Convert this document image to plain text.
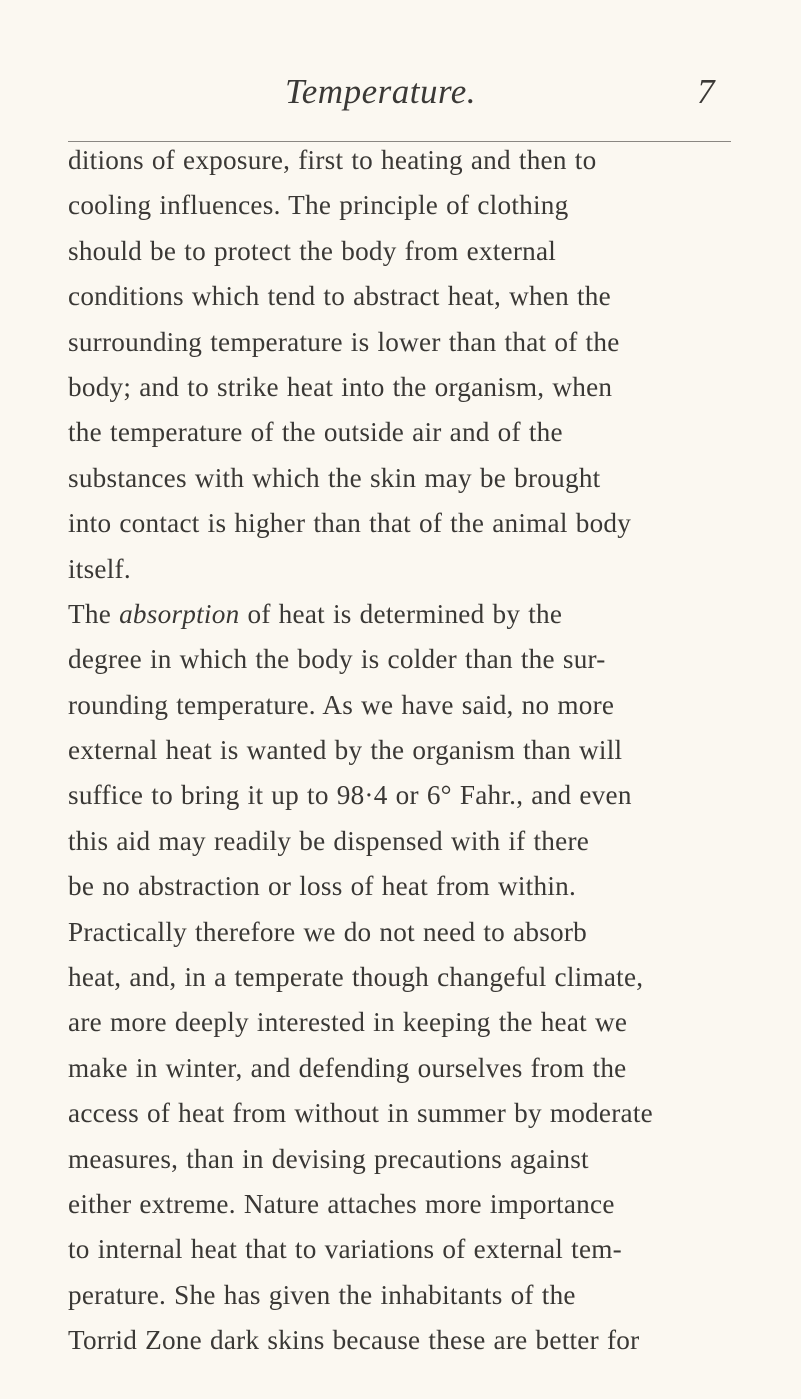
Temperature.	7
ditions of exposure, first to heating and then to
cooling influences. The principle of clothing
should be to protect the body from external
conditions which tend to abstract heat, when the
surrounding temperature is lower than that of the
body; and to strike heat into the organism, when
the temperature of the outside air and of the
substances with which the skin may be brought
into contact is higher than that of the animal body
itself.
The absorption of heat is determined by the
degree in which the body is colder than the sur-
rounding temperature. As we have said, no more
external heat is wanted by the organism than will
suffice to bring it up to 98·4 or 6° Fahr., and even
this aid may readily be dispensed with if there
be no abstraction or loss of heat from within.
Practically therefore we do not need to absorb
heat, and, in a temperate though changeful climate,
are more deeply interested in keeping the heat we
make in winter, and defending ourselves from the
access of heat from without in summer by moderate
measures, than in devising precautions against
either extreme. Nature attaches more importance
to internal heat that to variations of external tem-
perature. She has given the inhabitants of the
Torrid Zone dark skins because these are better for
